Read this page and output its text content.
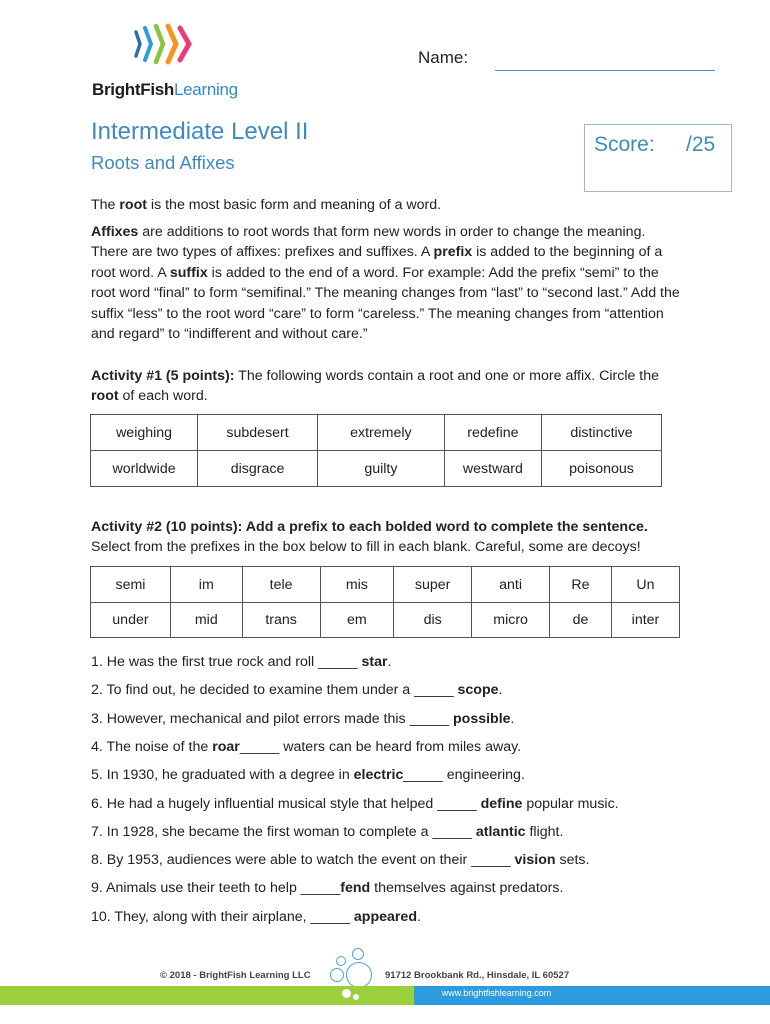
BrightFishLearning
Name:
Intermediate Level II
Roots and Affixes
Score: /25
The root is the most basic form and meaning of a word.
Affixes are additions to root words that form new words in order to change the meaning. There are two types of affixes: prefixes and suffixes. A prefix is added to the beginning of a root word. A suffix is added to the end of a word. For example: Add the prefix “semi” to the root word “final” to form “semifinal.” The meaning changes from “last” to “second last.” Add the suffix “less” to the root word “care” to form “careless.” The meaning changes from “attention and regard” to “indifferent and without care.”
Activity #1 (5 points): The following words contain a root and one or more affix. Circle the root of each word.
weighing	subdesert	extremely	redefine	distinctive
worldwide	disgrace	guilty	westward	poisonous
Activity #2 (10 points): Add a prefix to each bolded word to complete the sentence.
Select from the prefixes in the box below to fill in each blank. Careful, some are decoys!
semi	im	tele	mis	super	anti	Re	Un
under	mid	trans	em	dis	micro	de	inter
1. He was the first true rock and roll _____ star.
2. To find out, he decided to examine them under a _____ scope.
3. However, mechanical and pilot errors made this _____ possible.
4. The noise of the roar_____ waters can be heard from miles away.
5. In 1930, he graduated with a degree in electric_____ engineering.
6. He had a hugely influential musical style that helped _____ define popular music.
7. In 1928, she became the first woman to complete a _____ atlantic flight.
8. By 1953, audiences were able to watch the event on their _____ vision sets.
9. Animals use their teeth to help _____fend themselves against predators.
10. They, along with their airplane, _____ appeared.
© 2018 - BrightFish Learning LLC	91712 Brookbank Rd., Hinsdale, IL 60527
www.brightfishlearning.com
